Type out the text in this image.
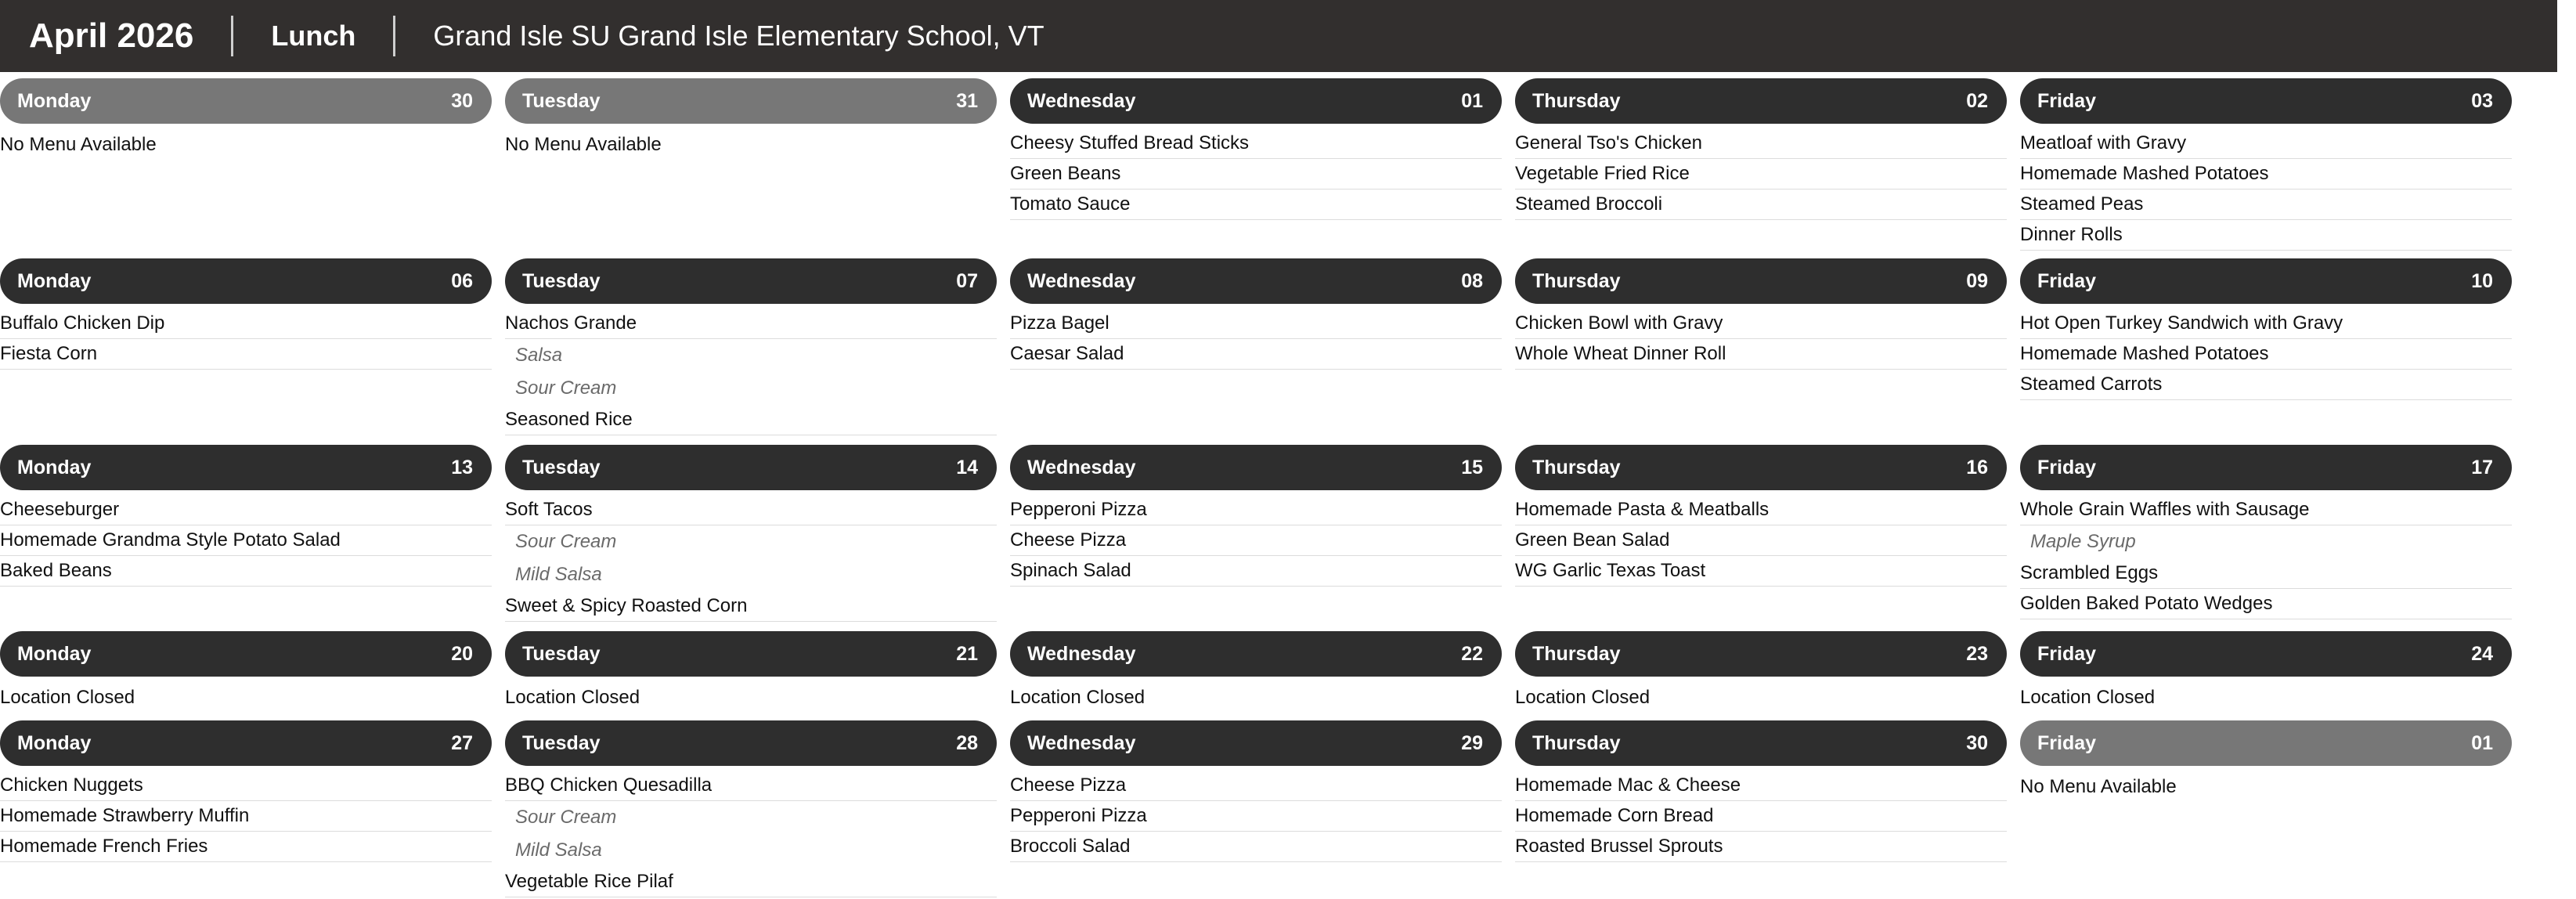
April 2026	Lunch	Grand Isle SU Grand Isle Elementary School, VT
Monday	30
No Menu Available
Tuesday	31
No Menu Available
Wednesday	01
Cheesy Stuffed Bread Sticks
Green Beans
Tomato Sauce
Thursday	02
General Tso's Chicken
Vegetable Fried Rice
Steamed Broccoli
Friday	03
Meatloaf with Gravy
Homemade Mashed Potatoes
Steamed Peas
Dinner Rolls
Monday	06
Buffalo Chicken Dip
Fiesta Corn
Tuesday	07
Nachos Grande
Salsa
Sour Cream
Seasoned Rice
Wednesday	08
Pizza Bagel
Caesar Salad
Thursday	09
Chicken Bowl with Gravy
Whole Wheat Dinner Roll
Friday	10
Hot Open Turkey Sandwich with Gravy
Homemade Mashed Potatoes
Steamed Carrots
Monday	13
Cheeseburger
Homemade Grandma Style Potato Salad
Baked Beans
Tuesday	14
Soft Tacos
Sour Cream
Mild Salsa
Sweet & Spicy Roasted Corn
Wednesday	15
Pepperoni Pizza
Cheese Pizza
Spinach Salad
Thursday	16
Homemade Pasta & Meatballs
Green Bean Salad
WG Garlic Texas Toast
Friday	17
Whole Grain Waffles with Sausage
Maple Syrup
Scrambled Eggs
Golden Baked Potato Wedges
Monday	20
Location Closed
Tuesday	21
Location Closed
Wednesday	22
Location Closed
Thursday	23
Location Closed
Friday	24
Location Closed
Monday	27
Chicken Nuggets
Homemade Strawberry Muffin
Homemade French Fries
Tuesday	28
BBQ Chicken Quesadilla
Sour Cream
Mild Salsa
Vegetable Rice Pilaf
Wednesday	29
Cheese Pizza
Pepperoni Pizza
Broccoli Salad
Thursday	30
Homemade Mac & Cheese
Homemade Corn Bread
Roasted Brussel Sprouts
Friday	01
No Menu Available
